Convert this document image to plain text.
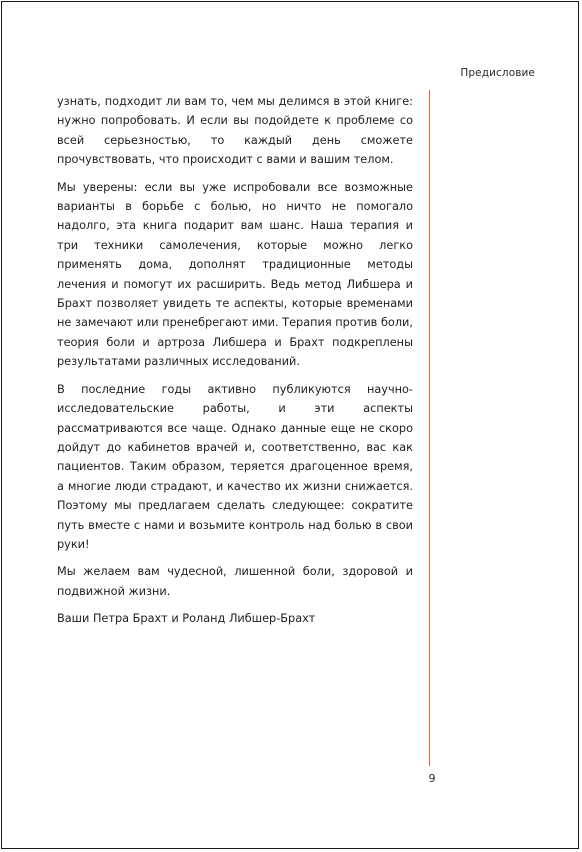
Предисловие

узнать, подходит ли вам то, чем мы делимся в этой книге: нужно попробовать. И если вы подойдете к проблеме со всей серьезностью, то каждый день сможете прочувствовать, что происходит с вами и вашим телом.

Мы уверены: если вы уже испробовали все возможные варианты в борьбе с болью, но ничто не помогало надолго, эта книга подарит вам шанс. Наша терапия и три техники самолечения, которые можно легко применять дома, дополнят традиционные методы лечения и помогут их расширить. Ведь метод Либшера и Брахт позволяет увидеть те аспекты, которые временами не замечают или пренебрегают ими. Терапия против боли, теория боли и артроза Либшера и Брахт подкреплены результатами различных исследований.

В последние годы активно публикуются научно-исследовательские работы, и эти аспекты рассматриваются все чаще. Однако данные еще не скоро дойдут до кабинетов врачей и, соответственно, вас как пациентов. Таким образом, теряется драгоценное время, а многие люди страдают, и качество их жизни снижается. Поэтому мы предлагаем сделать следующее: сократите путь вместе с нами и возьмите контроль над болью в свои руки!

Мы желаем вам чудесной, лишенной боли, здоровой и подвижной жизни.

Ваши Петра Брахт и Роланд Либшер-Брахт

9
